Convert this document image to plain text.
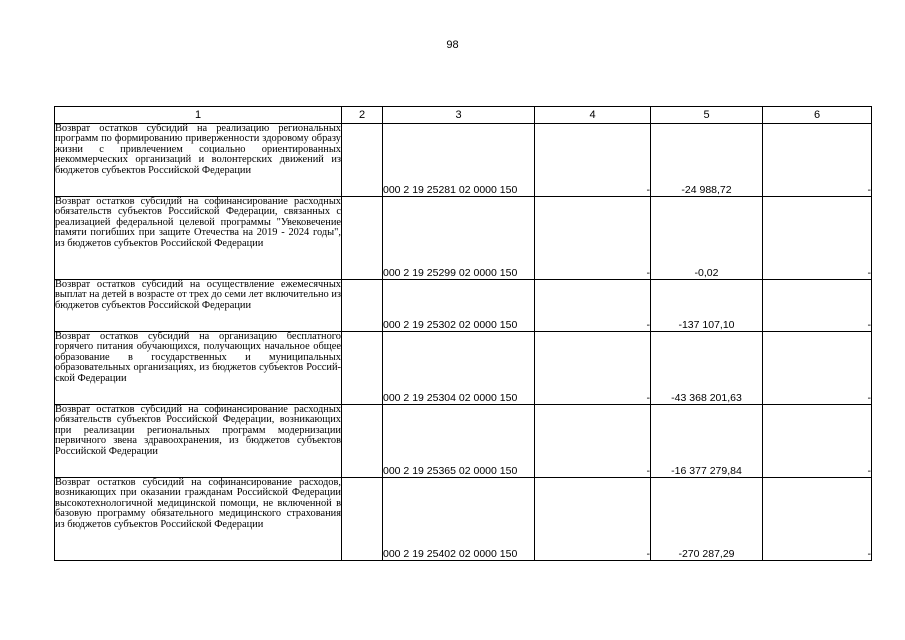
98
1	2	3	4	5	6
Возврат остатков субсидий на реализацию региональных программ по формированию приверженности здоровому образу жизни с привлечением социально ориентированных некоммерческих организаций и волонтерских движений из бюджетов субъектов Российской Федерации		000 2 19 25281 02 0000 150	-	-24 988,72	-
Возврат остатков субсидий на софинансирование расходных обязательств субъектов Российской Федерации, связанных с реализацией федеральной целевой программы "Увековечение памяти погибших при защите Отечества на 2019 - 2024 годы", из бюджетов субъектов Российской Федерации		000 2 19 25299 02 0000 150	-	-0,02	-
Возврат остатков субсидий на осуществление ежемесячных выплат на детей в возрасте от трех до семи лет включительно из бюджетов субъектов Российской Федерации		000 2 19 25302 02 0000 150	-	-137 107,10	-
Возврат остатков субсидий на организацию бесплатного горячего питания обучающихся, получающих начальное общее образование в государственных и муниципальных образовательных организациях, из бюджетов субъектов Российской Федерации		000 2 19 25304 02 0000 150	-	-43 368 201,63	-
Возврат остатков субсидий на софинансирование расходных обязательств субъектов Российской Федерации, возникающих при реализации региональных программ модернизации первичного звена здравоохранения, из бюджетов субъектов Российской Федерации		000 2 19 25365 02 0000 150	-	-16 377 279,84	-
Возврат остатков субсидий на софинансирование расходов, возникающих при оказании гражданам Российской Федерации высокотехнологичной медицинской помощи, не включенной в базовую программу обязательного медицинского страхования из бюджетов субъектов Российской Федерации		000 2 19 25402 02 0000 150	-	-270 287,29	-
